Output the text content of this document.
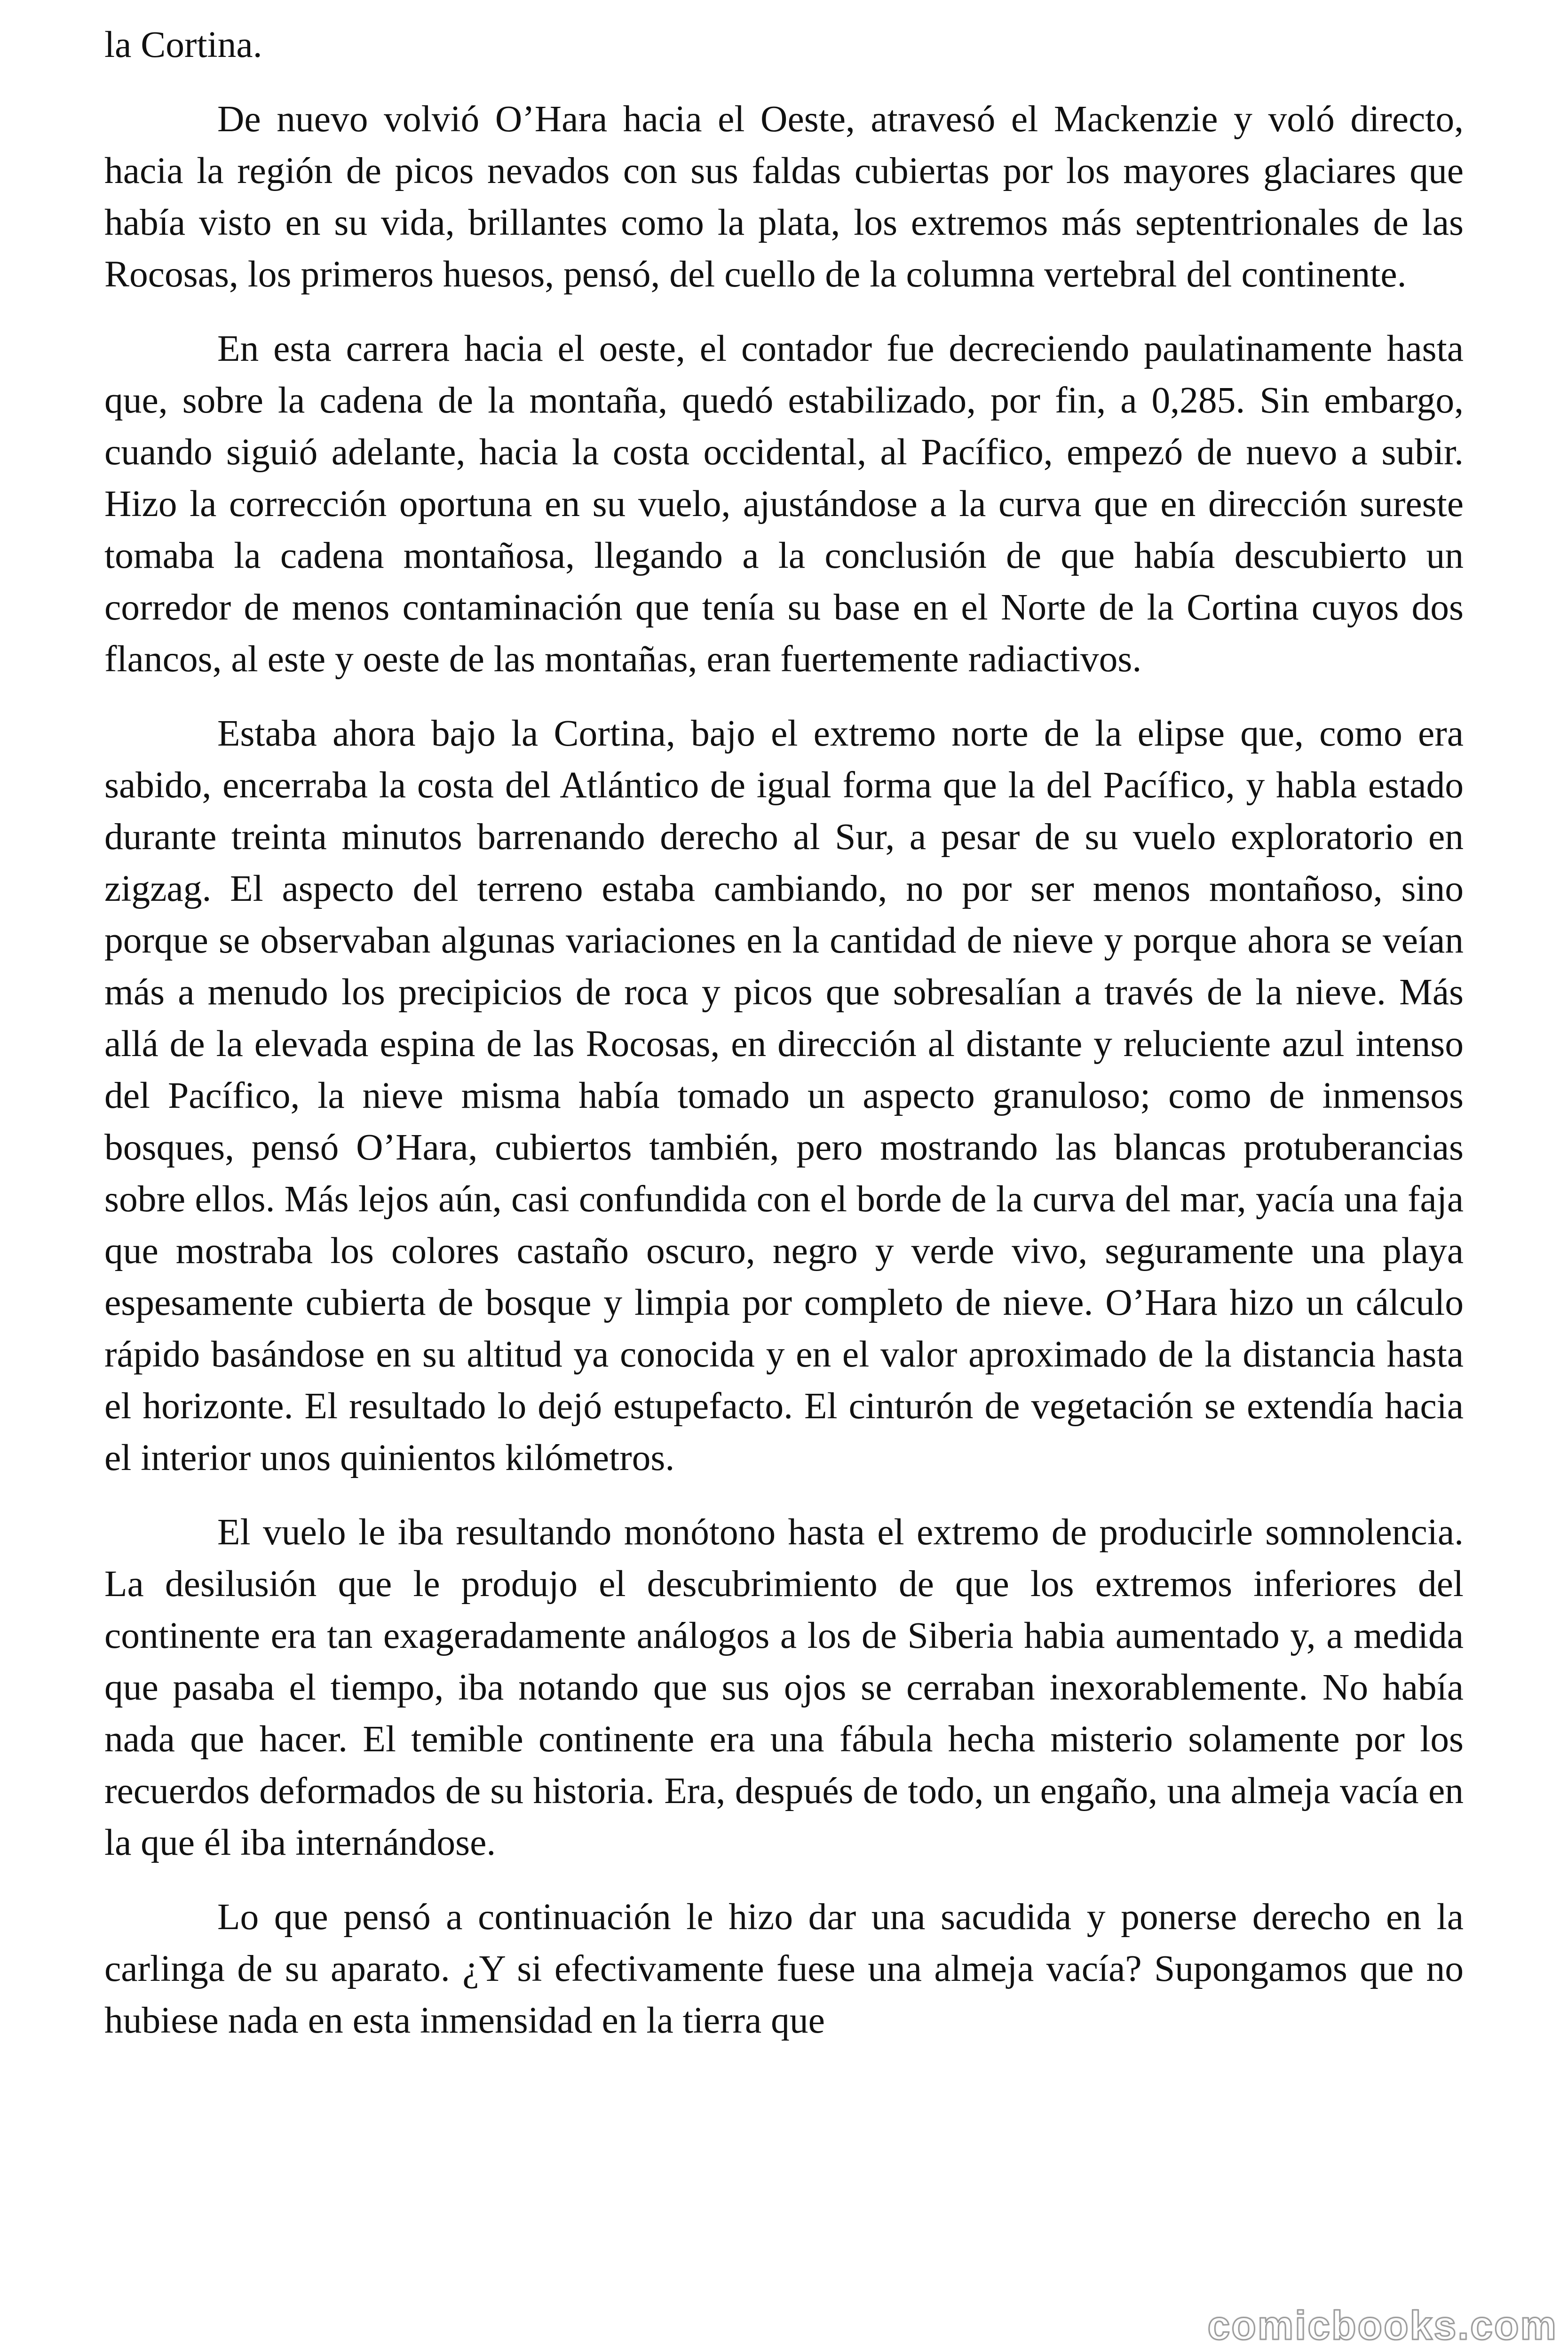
la Cortina.

De nuevo volvió O’Hara hacia el Oeste, atravesó el Mackenzie y voló directo, hacia la región de picos nevados con sus faldas cubiertas por los mayores glaciares que había visto en su vida, brillantes como la plata, los extremos más septentrionales de las Rocosas, los primeros huesos, pensó, del cuello de la columna vertebral del continente.

En esta carrera hacia el oeste, el contador fue decreciendo paulatinamente hasta que, sobre la cadena de la montaña, quedó estabilizado, por fin, a 0,285. Sin embargo, cuando siguió adelante, hacia la costa occidental, al Pacífico, empezó de nuevo a subir. Hizo la corrección oportuna en su vuelo, ajustándose a la curva que en dirección sureste tomaba la cadena montañosa, llegando a la conclusión de que había descubierto un corredor de menos contaminación que tenía su base en el Norte de la Cortina cuyos dos flancos, al este y oeste de las montañas, eran fuertemente radiactivos.

Estaba ahora bajo la Cortina, bajo el extremo norte de la elipse que, como era sabido, encerraba la costa del Atlántico de igual forma que la del Pacífico, y habla estado durante treinta minutos barrenando derecho al Sur, a pesar de su vuelo exploratorio en zigzag. El aspecto del terreno estaba cambiando, no por ser menos montañoso, sino porque se observaban algunas variaciones en la cantidad de nieve y porque ahora se veían más a menudo los precipicios de roca y picos que sobresalían a través de la nieve. Más allá de la elevada espina de las Rocosas, en dirección al distante y reluciente azul intenso del Pacífico, la nieve misma había tomado un aspecto granuloso; como de inmensos bosques, pensó O’Hara, cubiertos también, pero mostrando las blancas protuberancias sobre ellos. Más lejos aún, casi confundida con el borde de la curva del mar, yacía una faja que mostraba los colores castaño oscuro, negro y verde vivo, seguramente una playa espesamente cubierta de bosque y limpia por completo de nieve. O’Hara hizo un cálculo rápido basándose en su altitud ya conocida y en el valor aproximado de la distancia hasta el horizonte. El resultado lo dejó estupefacto. El cinturón de vegetación se extendía hacia el interior unos quinientos kilómetros.

El vuelo le iba resultando monótono hasta el extremo de producirle somnolencia. La desilusión que le produjo el descubrimiento de que los extremos inferiores del continente era tan exageradamente análogos a los de Siberia habia aumentado y, a medida que pasaba el tiempo, iba notando que sus ojos se cerraban inexorablemente. No había nada que hacer. El temible continente era una fábula hecha misterio solamente por los recuerdos deformados de su historia. Era, después de todo, un engaño, una almeja vacía en la que él iba internándose.

Lo que pensó a continuación le hizo dar una sacudida y ponerse derecho en la carlinga de su aparato. ¿Y si efectivamente fuese una almeja vacía? Supongamos que no hubiese nada en esta inmensidad en la tierra que

comicbooks.com
